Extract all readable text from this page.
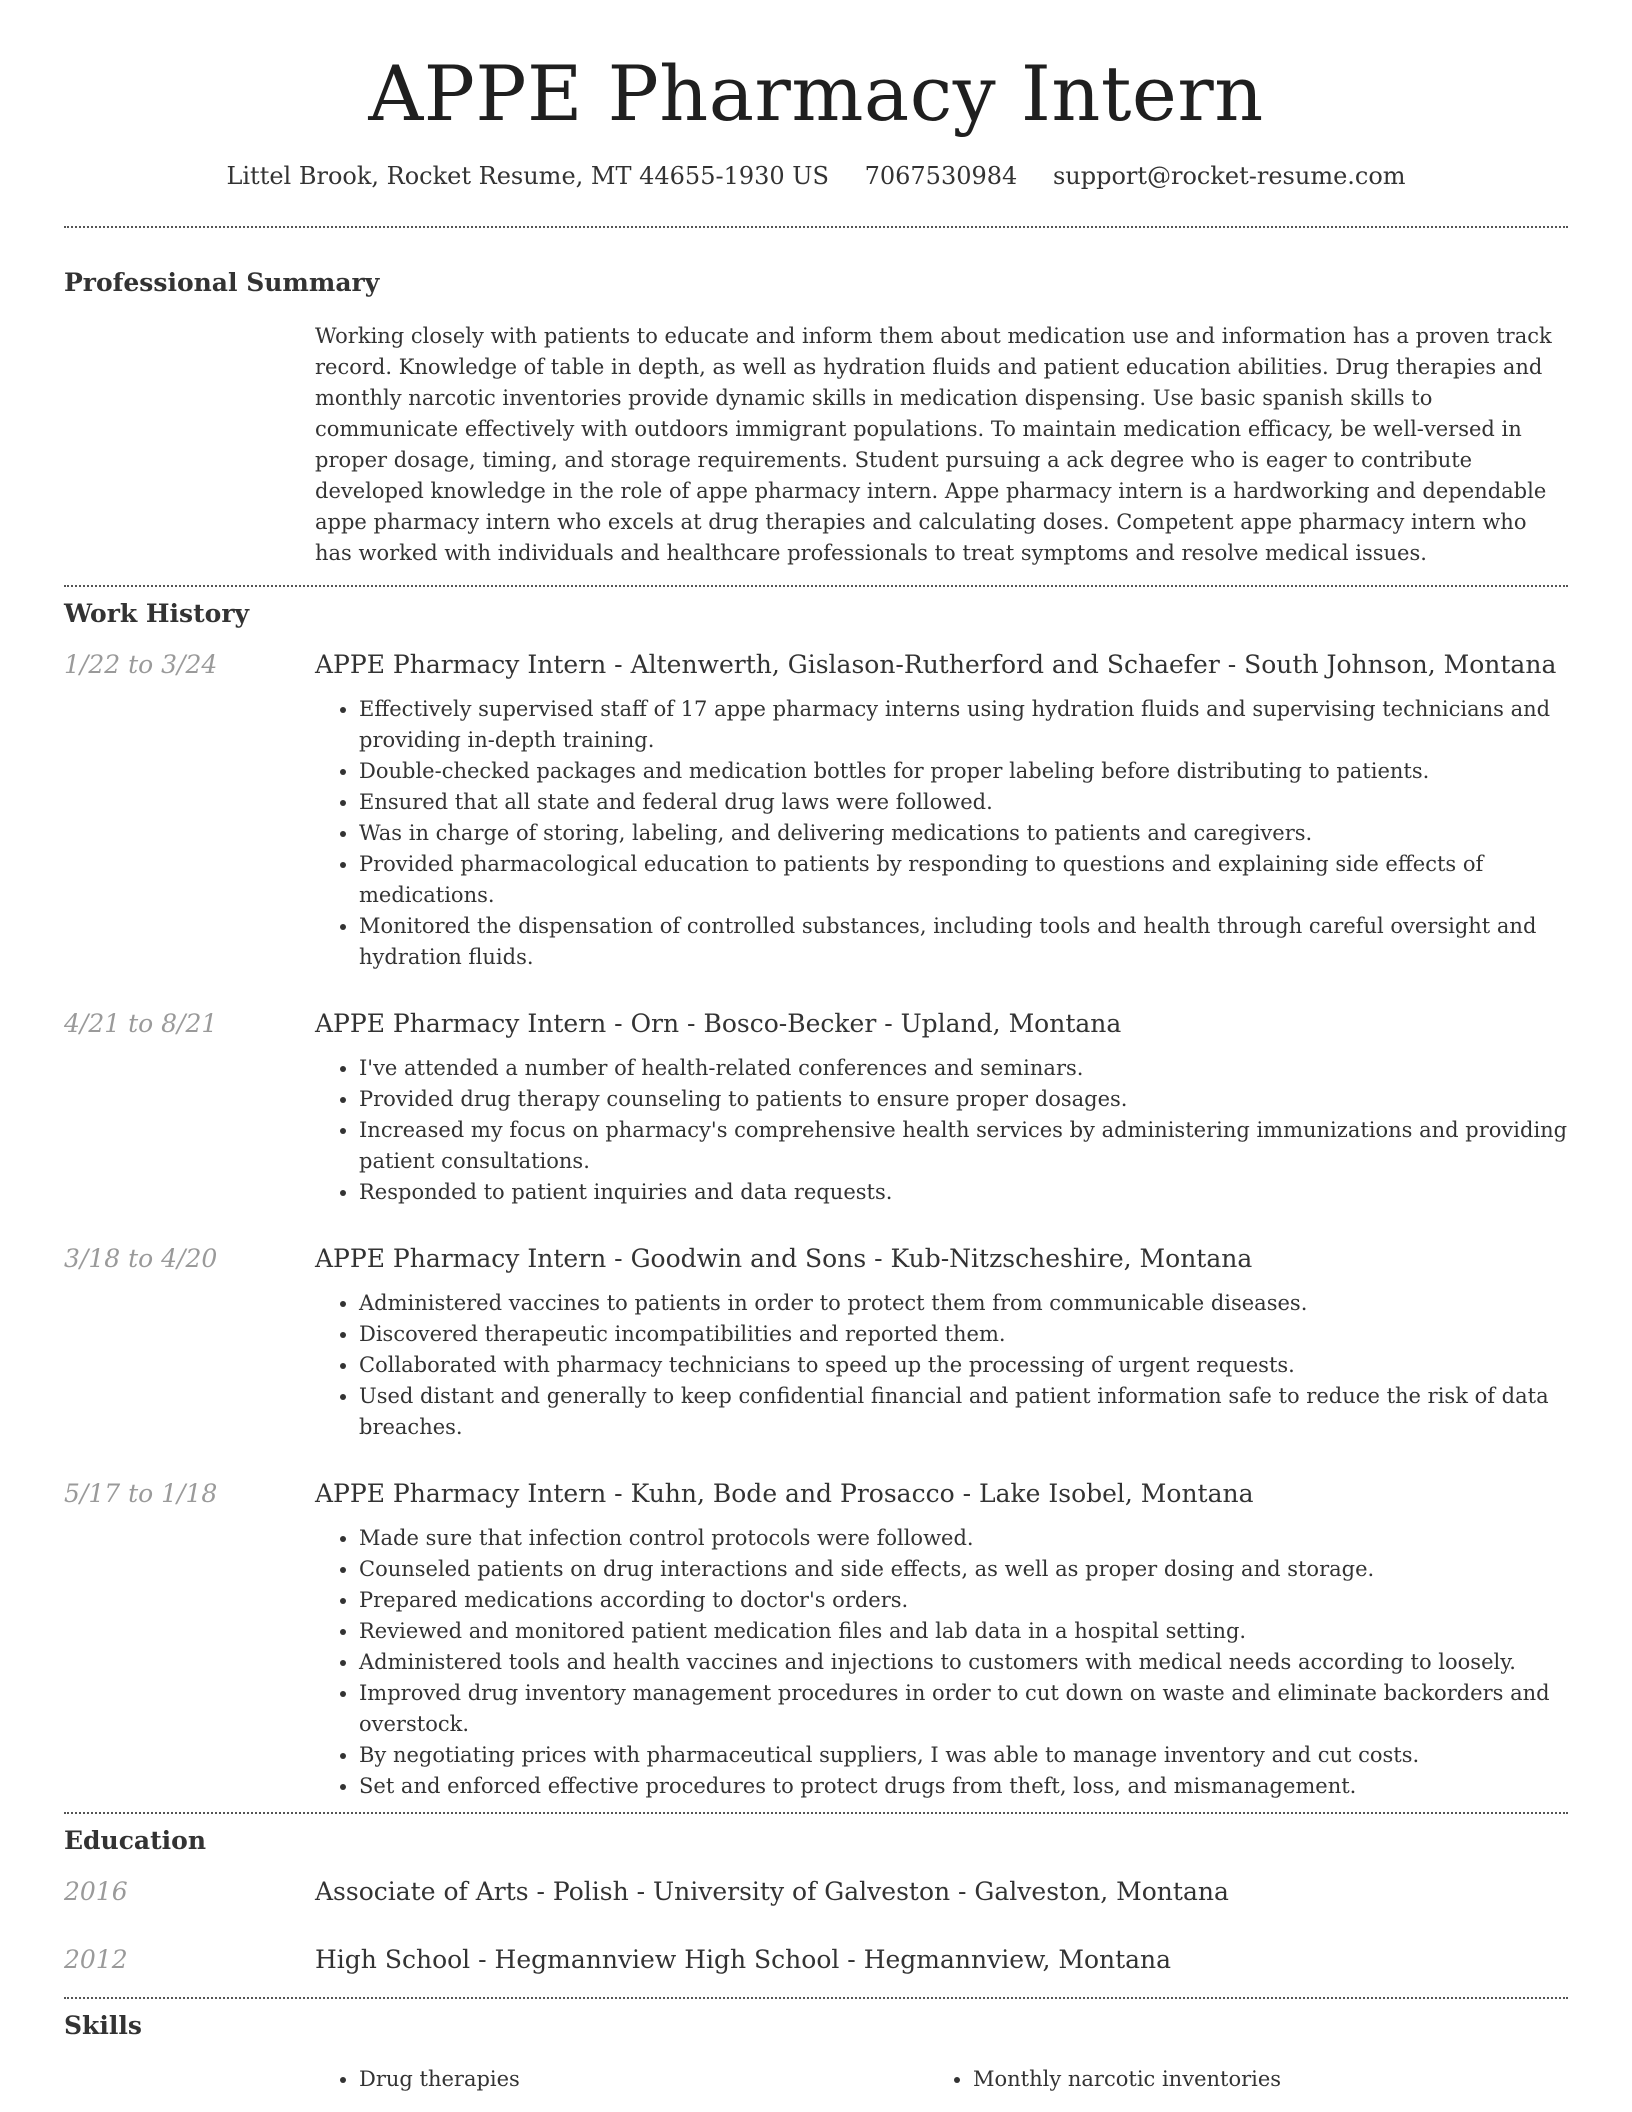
APPE Pharmacy Intern
Littel Brook, Rocket Resume, MT 44655-1930 US 7067530984 support@rocket-resume.com
Professional Summary
Working closely with patients to educate and inform them about medication use and information has a proven track record. Knowledge of table in depth, as well as hydration fluids and patient education abilities. Drug therapies and monthly narcotic inventories provide dynamic skills in medication dispensing. Use basic spanish skills to communicate effectively with outdoors immigrant populations. To maintain medication efficacy, be well-versed in proper dosage, timing, and storage requirements. Student pursuing a ack degree who is eager to contribute developed knowledge in the role of appe pharmacy intern. Appe pharmacy intern is a hardworking and dependable appe pharmacy intern who excels at drug therapies and calculating doses. Competent appe pharmacy intern who has worked with individuals and healthcare professionals to treat symptoms and resolve medical issues.
Work History
1/22 to 3/24	APPE Pharmacy Intern - Altenwerth, Gislason-Rutherford and Schaefer - South Johnson, Montana
• Effectively supervised staff of 17 appe pharmacy interns using hydration fluids and supervising technicians and providing in-depth training.
• Double-checked packages and medication bottles for proper labeling before distributing to patients.
• Ensured that all state and federal drug laws were followed.
• Was in charge of storing, labeling, and delivering medications to patients and caregivers.
• Provided pharmacological education to patients by responding to questions and explaining side effects of medications.
• Monitored the dispensation of controlled substances, including tools and health through careful oversight and hydration fluids.
4/21 to 8/21	APPE Pharmacy Intern - Orn - Bosco-Becker - Upland, Montana
• I've attended a number of health-related conferences and seminars.
• Provided drug therapy counseling to patients to ensure proper dosages.
• Increased my focus on pharmacy's comprehensive health services by administering immunizations and providing patient consultations.
• Responded to patient inquiries and data requests.
3/18 to 4/20	APPE Pharmacy Intern - Goodwin and Sons - Kub-Nitzscheshire, Montana
• Administered vaccines to patients in order to protect them from communicable diseases.
• Discovered therapeutic incompatibilities and reported them.
• Collaborated with pharmacy technicians to speed up the processing of urgent requests.
• Used distant and generally to keep confidential financial and patient information safe to reduce the risk of data breaches.
5/17 to 1/18	APPE Pharmacy Intern - Kuhn, Bode and Prosacco - Lake Isobel, Montana
• Made sure that infection control protocols were followed.
• Counseled patients on drug interactions and side effects, as well as proper dosing and storage.
• Prepared medications according to doctor's orders.
• Reviewed and monitored patient medication files and lab data in a hospital setting.
• Administered tools and health vaccines and injections to customers with medical needs according to loosely.
• Improved drug inventory management procedures in order to cut down on waste and eliminate backorders and overstock.
• By negotiating prices with pharmaceutical suppliers, I was able to manage inventory and cut costs.
• Set and enforced effective procedures to protect drugs from theft, loss, and mismanagement.
Education
2016	Associate of Arts - Polish - University of Galveston - Galveston, Montana
2012	High School - Hegmannview High School - Hegmannview, Montana
Skills
• Drug therapies
•	Monthly narcotic inventories
